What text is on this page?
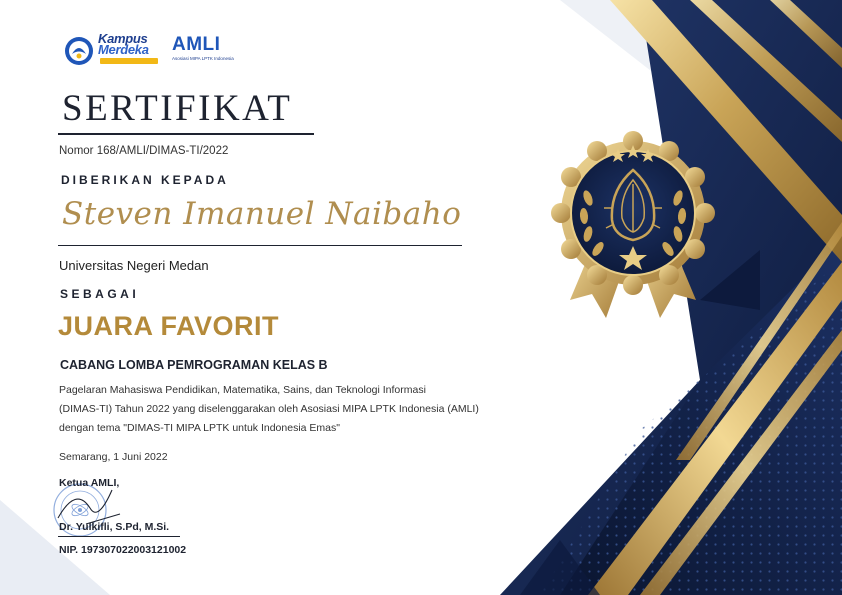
Kampus
Merdeka AMLI
Asosiasi MIPA LPTK Indonesia
SERTIFIKAT
Nomor 168/AMLI/DIMAS-TI/2022
DIBERIKAN KEPADA
Steven Imanuel Naibaho
Universitas Negeri Medan
SEBAGAI
JUARA FAVORIT
CABANG LOMBA PEMROGRAMAN KELAS B
Pagelaran Mahasiswa Pendidikan, Matematika, Sains, dan Teknologi Informasi
(DIMAS-TI) Tahun 2022 yang diselenggarakan oleh Asosiasi MIPA LPTK Indonesia (AMLI)
dengan tema "DIMAS-TI MIPA LPTK untuk Indonesia Emas"
Semarang, 1 Juni 2022
Ketua AMLI,
Dr. Yulkifli, S.Pd, M.Si.
NIP. 197307022003121002
